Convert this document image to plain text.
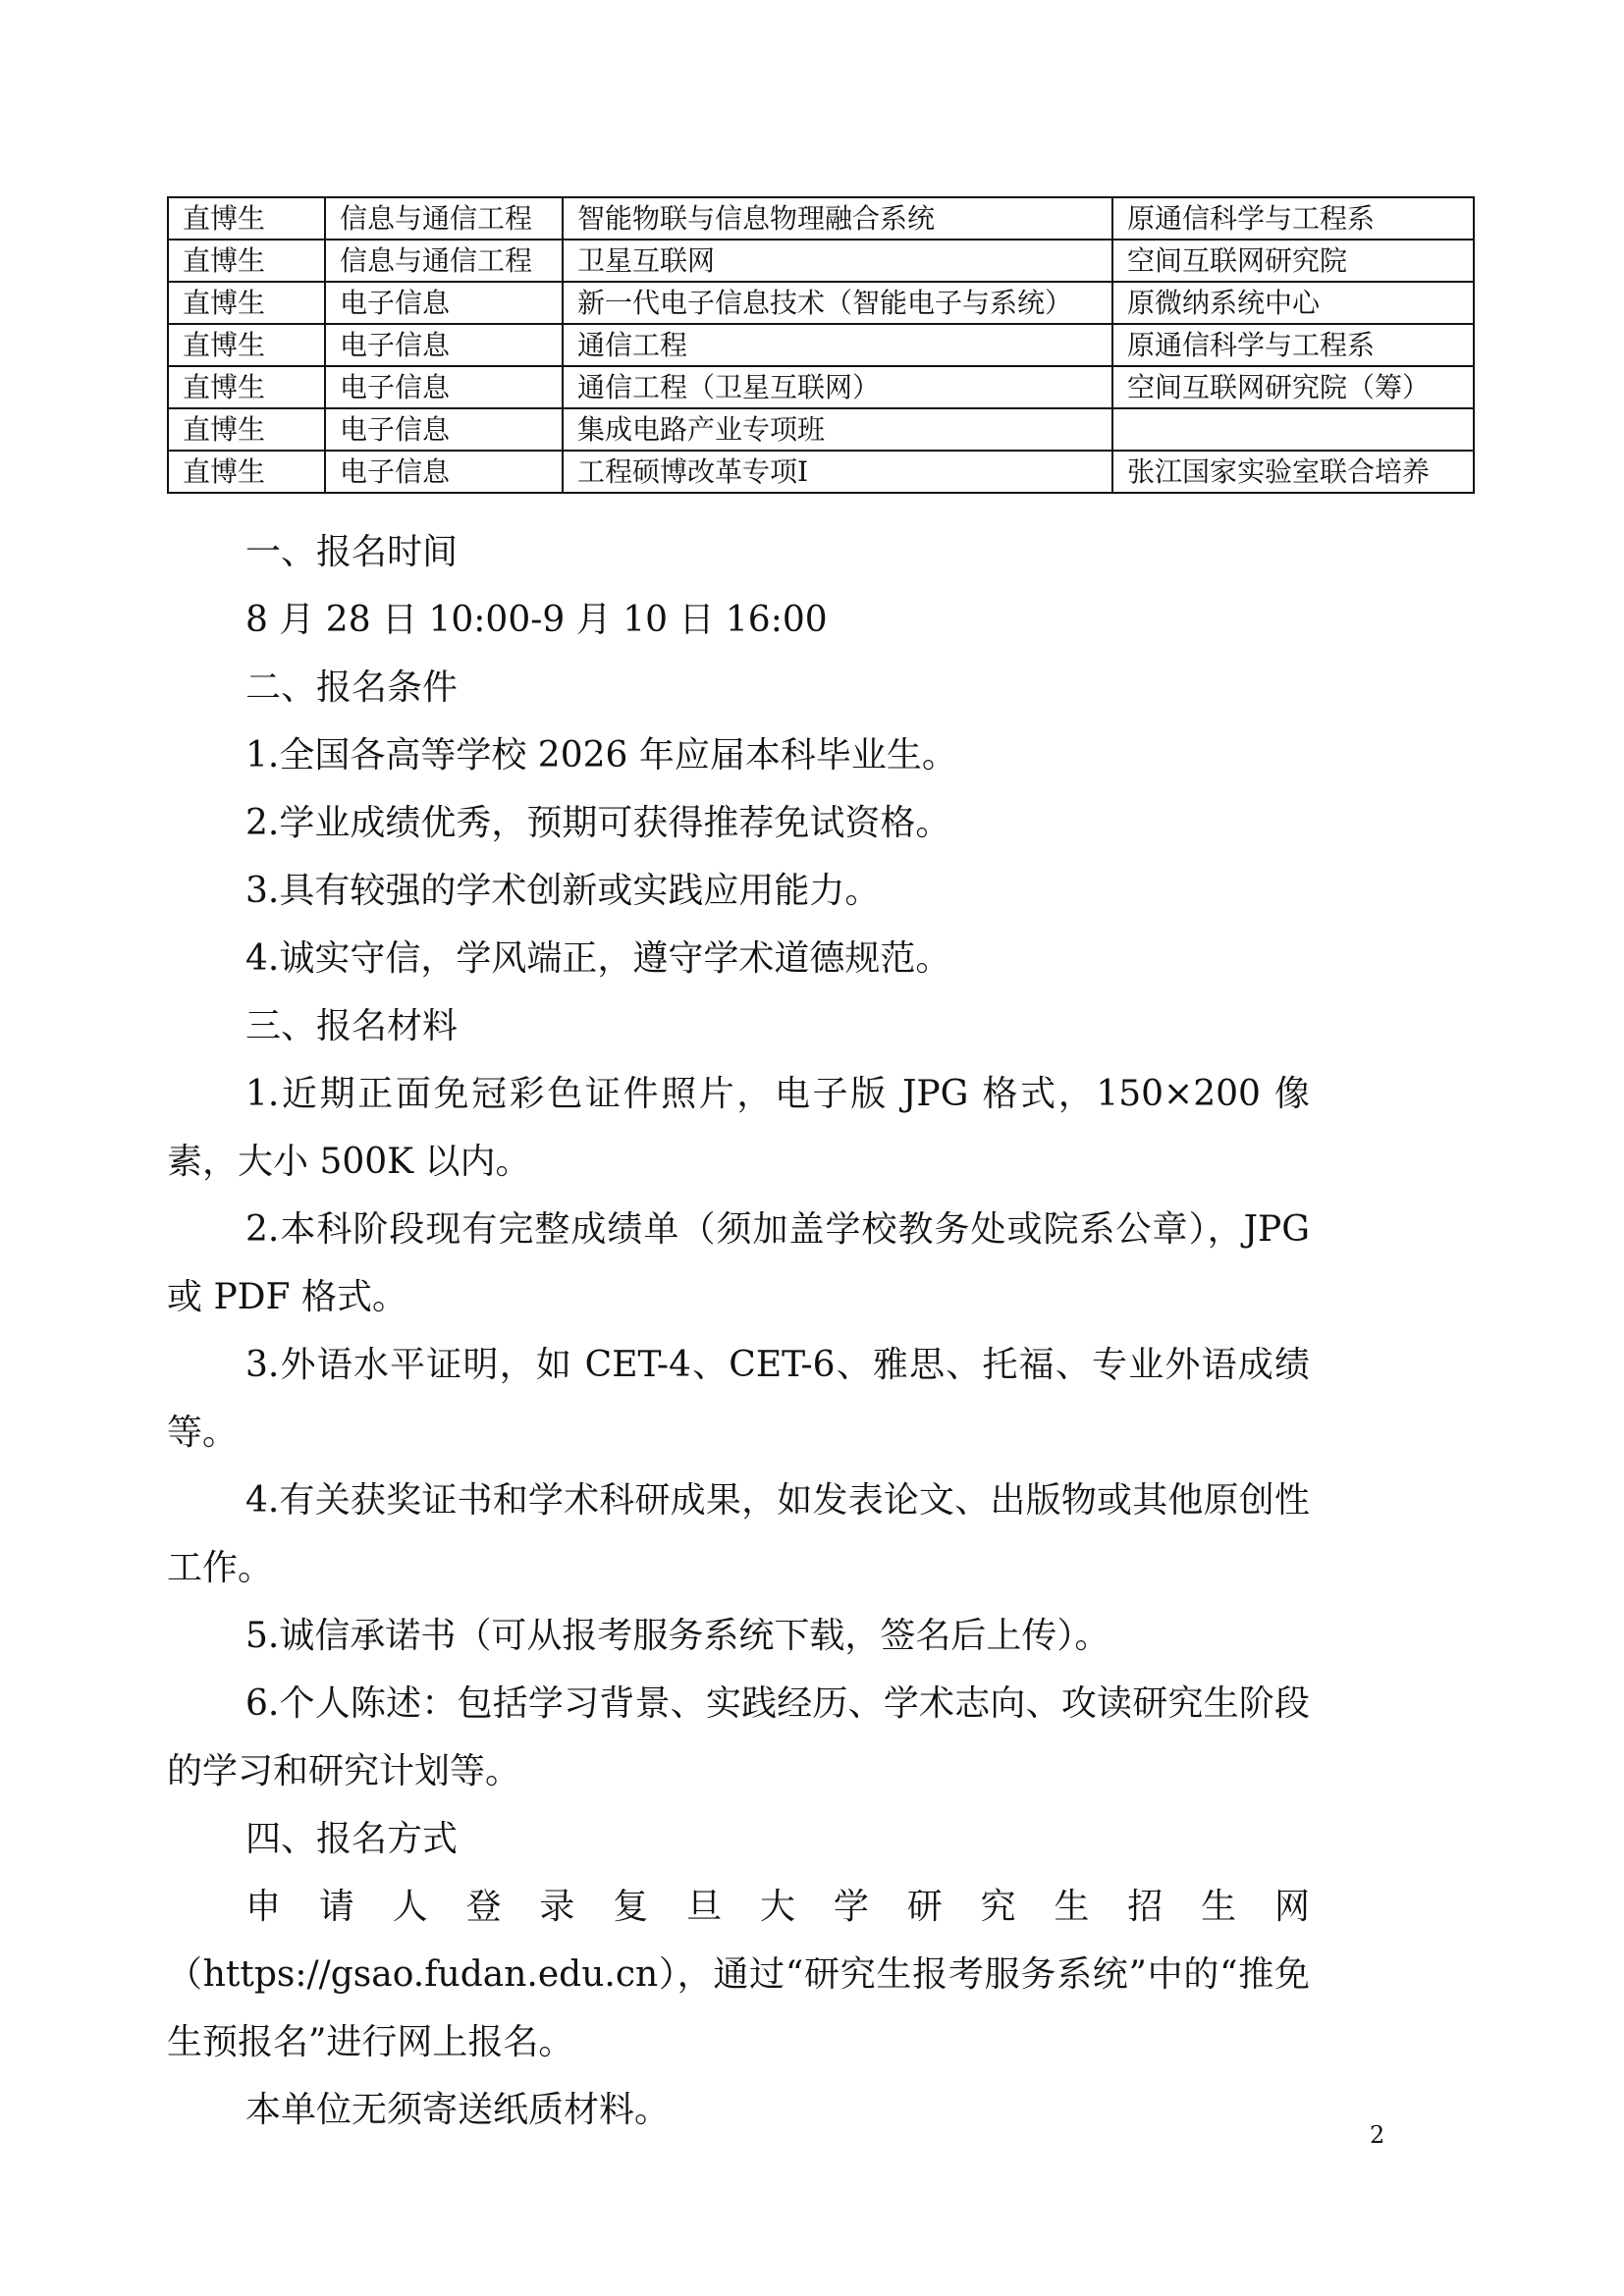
直博生	信息与通信工程	智能物联与信息物理融合系统	原通信科学与工程系
直博生	信息与通信工程	卫星互联网	空间互联网研究院
直博生	电子信息	新一代电子信息技术（智能电子与系统）	原微纳系统中心
直博生	电子信息	通信工程	原通信科学与工程系
直博生	电子信息	通信工程（卫星互联网）	空间互联网研究院（筹）
直博生	电子信息	集成电路产业专项班	
直博生	电子信息	工程硕博改革专项Ⅰ	张江国家实验室联合培养
一、报名时间
8 月 28 日 10:00-9 月 10 日 16:00
二、报名条件
1.全国各高等学校 2026 年应届本科毕业生。
2.学业成绩优秀，预期可获得推荐免试资格。
3.具有较强的学术创新或实践应用能力。
4.诚实守信，学风端正，遵守学术道德规范。
三、报名材料
1.近期正面免冠彩色证件照片，电子版 JPG 格式，150×200 像素，大小 500K 以内。
2.本科阶段现有完整成绩单（须加盖学校教务处或院系公章），JPG 或 PDF 格式。
3.外语水平证明，如 CET-4、CET-6、雅思、托福、专业外语成绩等。
4.有关获奖证书和学术科研成果，如发表论文、出版物或其他原创性工作。
5.诚信承诺书（可从报考服务系统下载，签名后上传）。
6.个人陈述：包括学习背景、实践经历、学术志向、攻读研究生阶段的学习和研究计划等。
四、报名方式
申请人登录复旦大学研究生招生网（https://gsao.fudan.edu.cn），通过“研究生报考服务系统”中的“推免生预报名”进行网上报名。
本单位无须寄送纸质材料。
2
